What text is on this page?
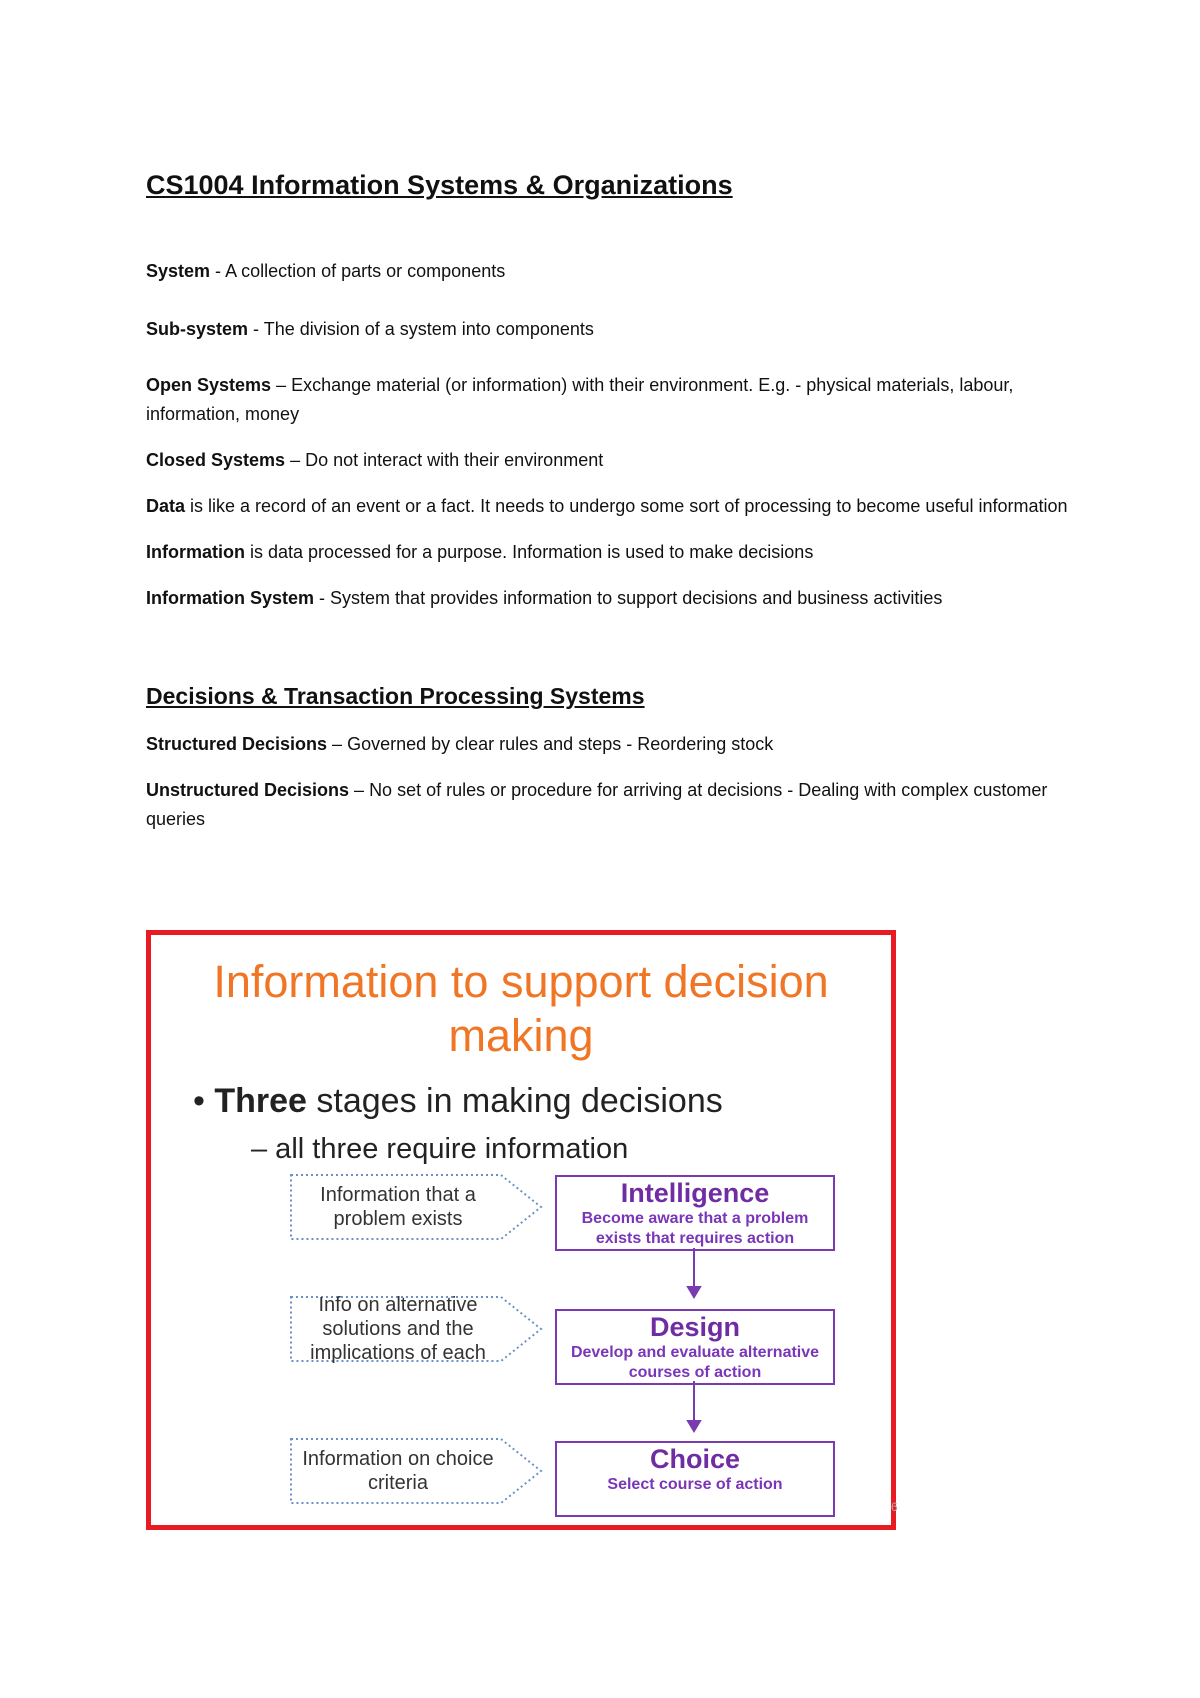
CS1004 Information Systems & Organizations

System - A collection of parts or components

Sub-system - The division of a system into components

Open Systems – Exchange material (or information) with their environment. E.g. - physical materials, labour, information, money

Closed Systems – Do not interact with their environment

Data is like a record of an event or a fact. It needs to undergo some sort of processing to become useful information

Information is data processed for a purpose. Information is used to make decisions

Information System - System that provides information to support decisions and business activities

Decisions & Transaction Processing Systems

Structured Decisions – Governed by clear rules and steps - Reordering stock

Unstructured Decisions – No set of rules or procedure for arriving at decisions - Dealing with complex customer queries

Information to support decision making
• Three stages in making decisions
– all three require information
Information that a problem exists
Info on alternative solutions and the implications of each
Information on choice criteria
Intelligence
Become aware that a problem exists that requires action
Design
Develop and evaluate alternative courses of action
Choice
Select course of action
6
